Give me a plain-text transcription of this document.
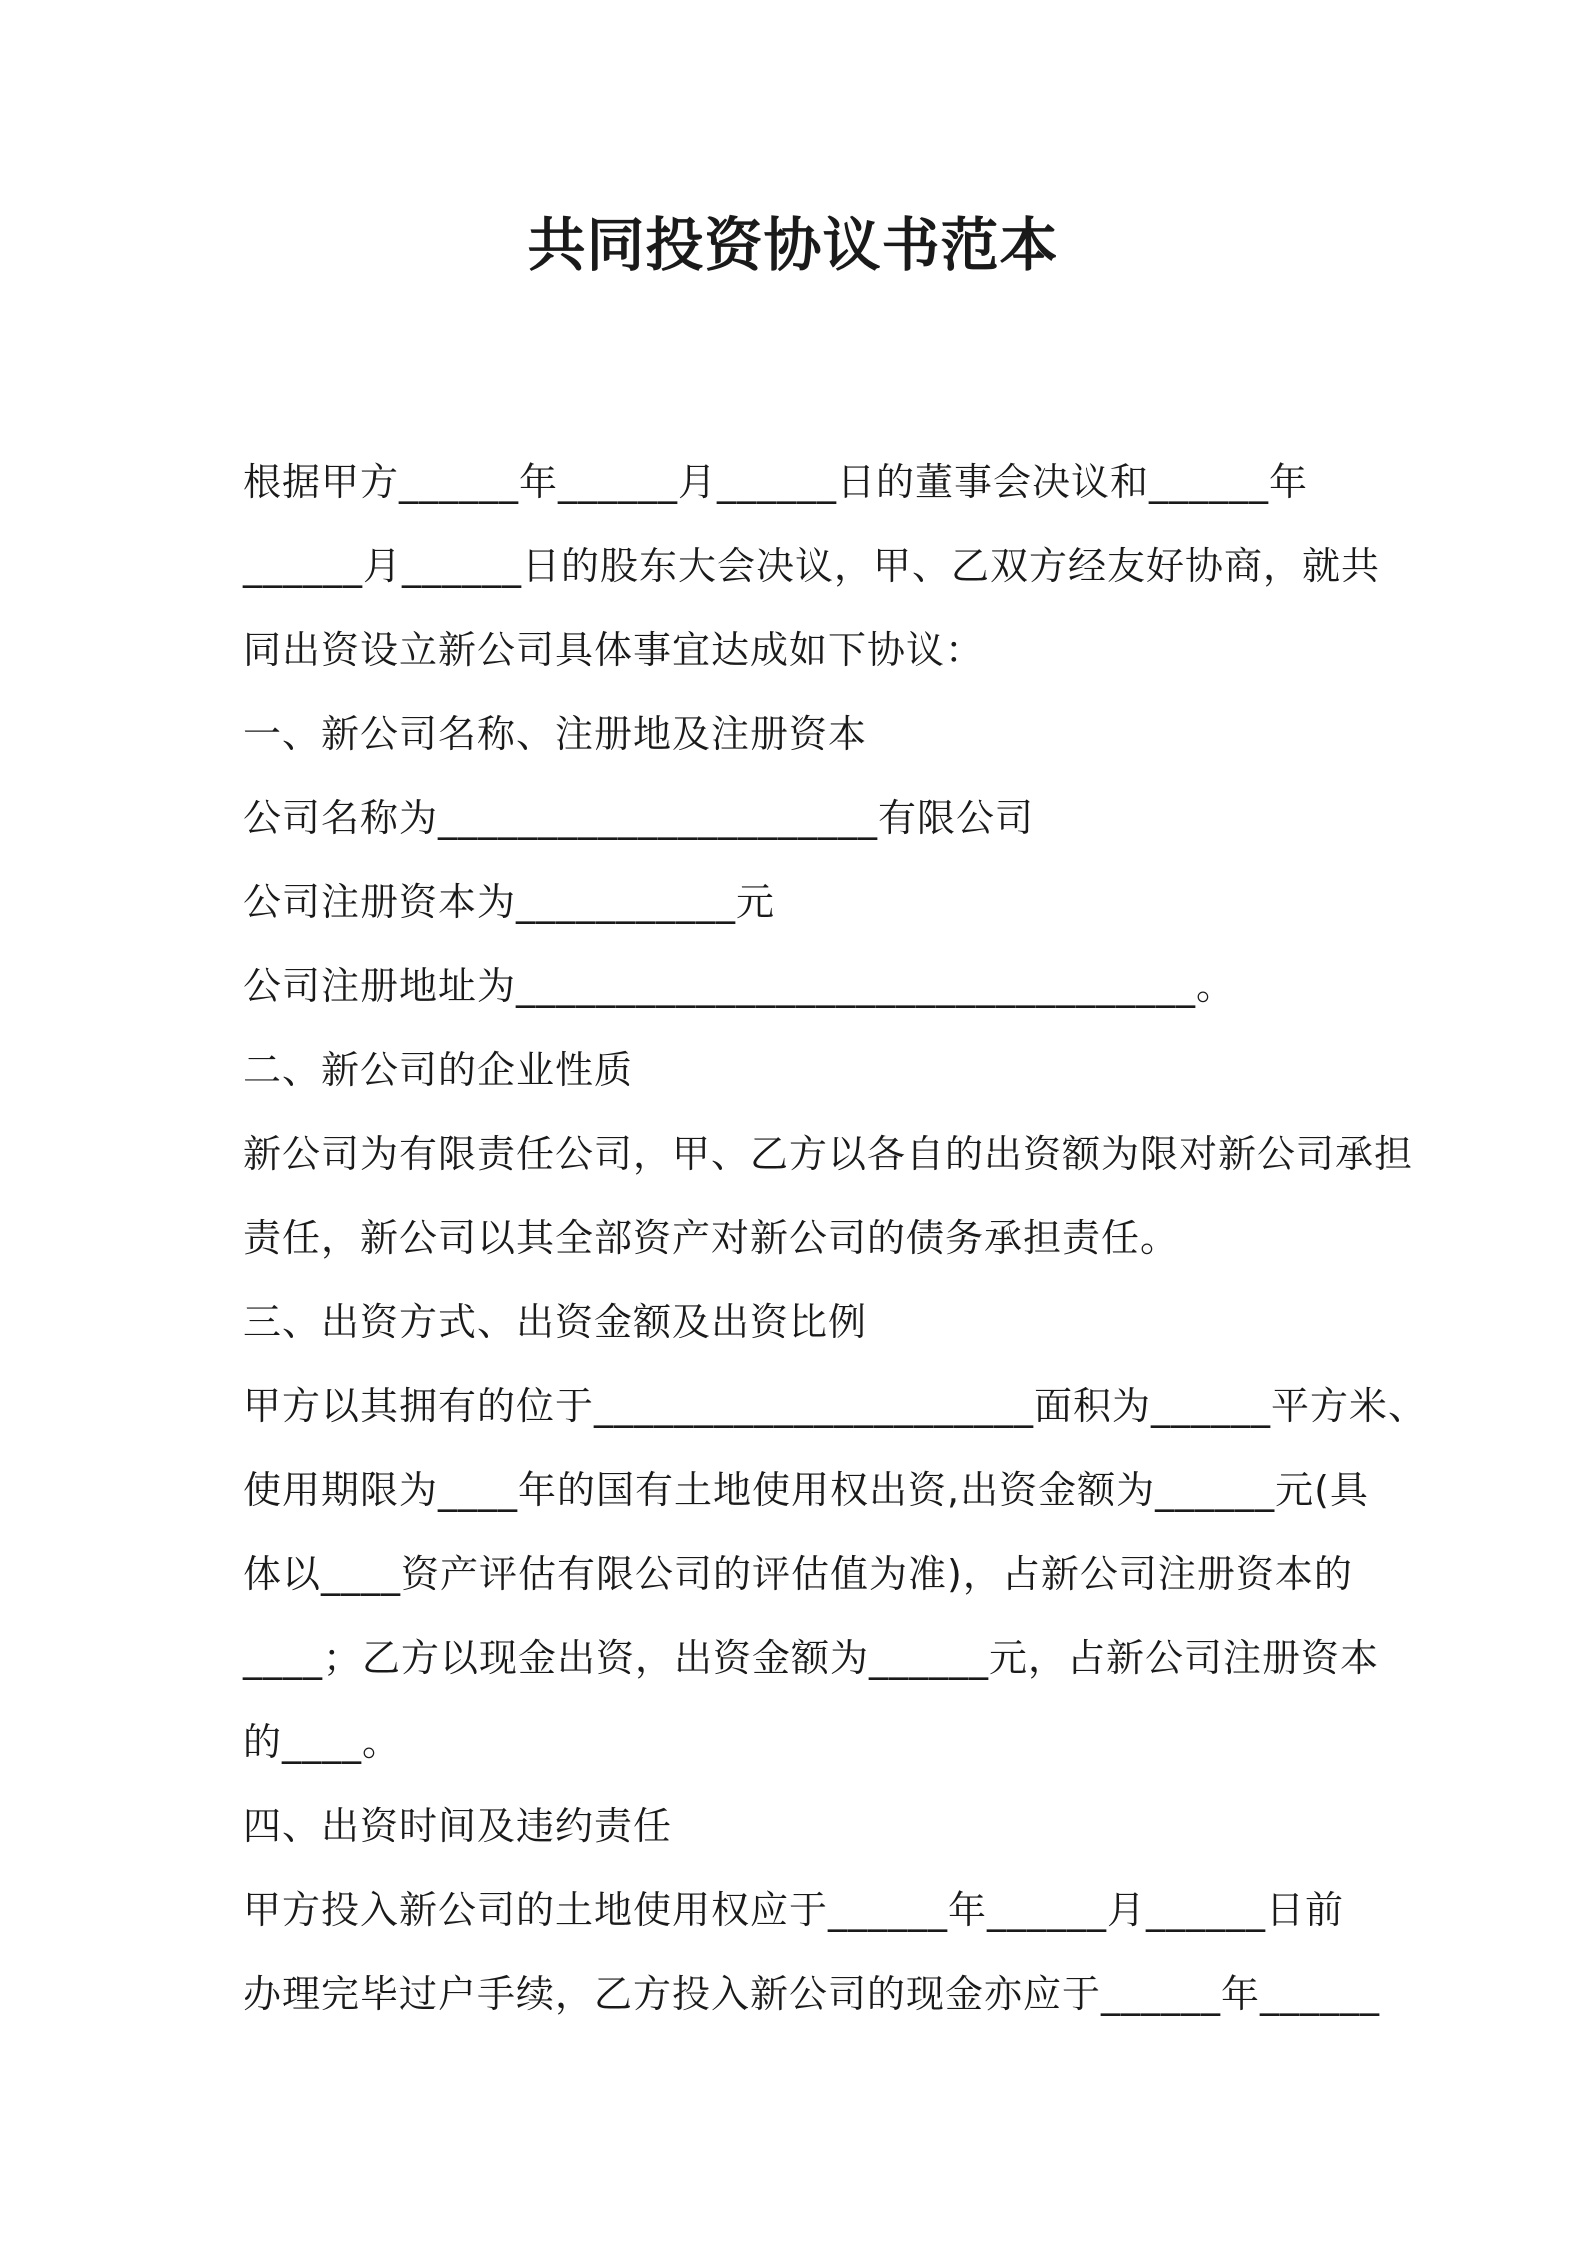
共同投资协议书范本
根据甲方______年______月______日的董事会决议和______年
______月______日的股东大会决议，甲、乙双方经友好协商，就共
同出资设立新公司具体事宜达成如下协议：
一、新公司名称、注册地及注册资本
公司名称为______________________有限公司
公司注册资本为___________元
公司注册地址为__________________________________。
二、新公司的企业性质
新公司为有限责任公司，甲、乙方以各自的出资额为限对新公司承担
责任，新公司以其全部资产对新公司的债务承担责任。
三、出资方式、出资金额及出资比例
甲方以其拥有的位于______________________面积为______平方米、
使用期限为____年的国有土地使用权出资,出资金额为______元(具
体以____资产评估有限公司的评估值为准)，占新公司注册资本的
____；乙方以现金出资，出资金额为______元，占新公司注册资本
的____。
四、出资时间及违约责任
甲方投入新公司的土地使用权应于______年______月______日前
办理完毕过户手续，乙方投入新公司的现金亦应于______年______
